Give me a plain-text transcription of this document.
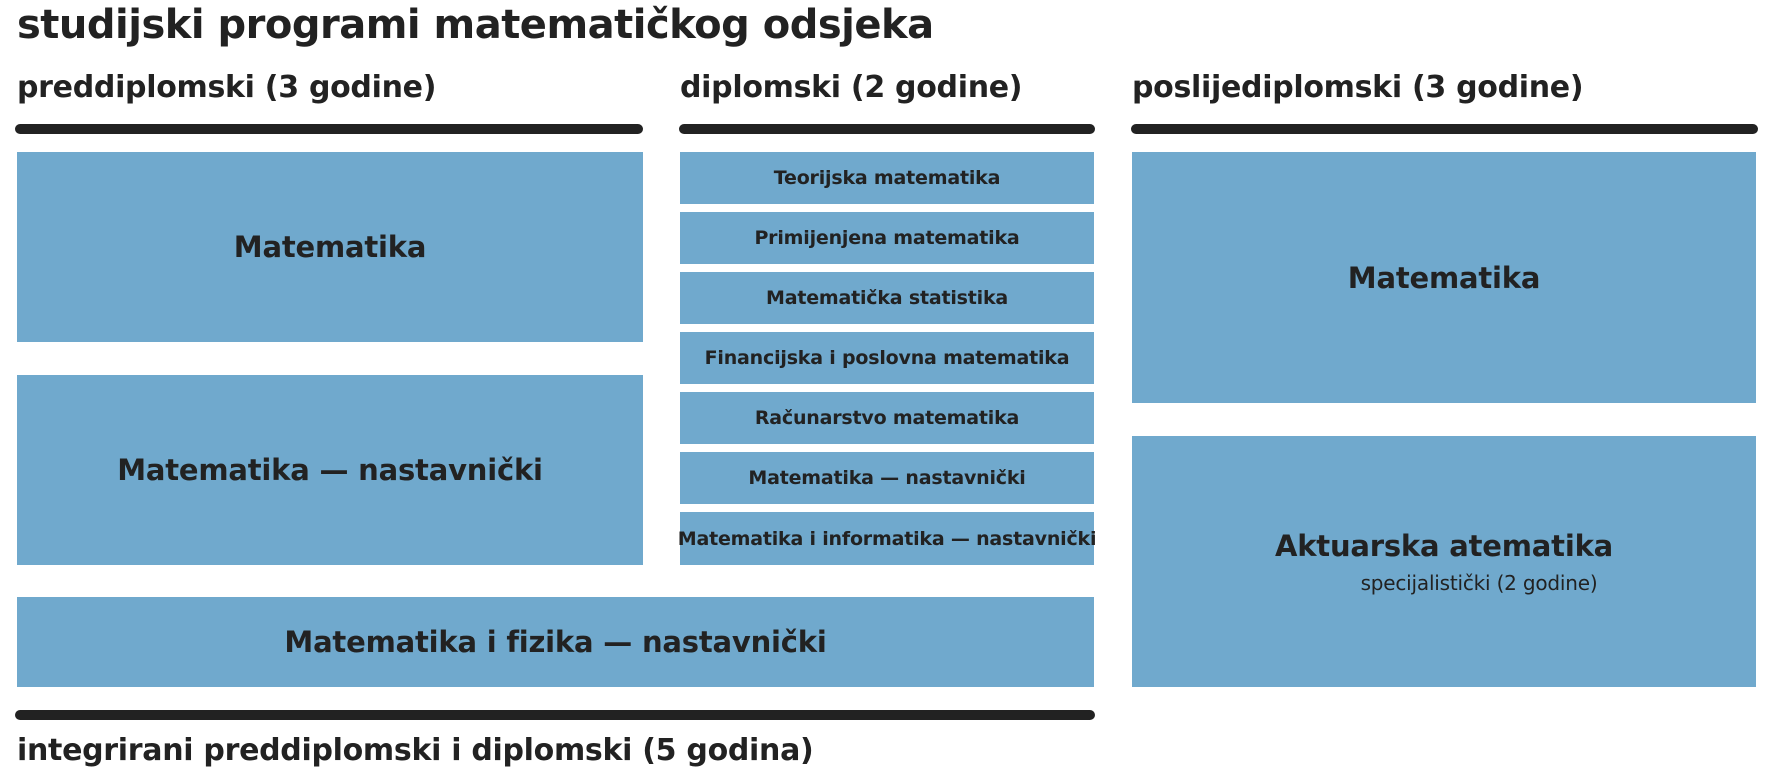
studijski programi matematičkog odsjeka
preddiplomski (3 godine)
Matematika
Matematika — nastavnički
diplomski (2 godine)
Teorijska matematika
Primijenjena matematika
Matematička statistika
Financijska i poslovna matematika
Računarstvo matematika
Matematika — nastavnički
Matematika i informatika — nastavnički
poslijediplomski (3 godine)
Matematika
Aktuarska atematika
specijalistički (2 godine)
Matematika i fizika — nastavnički
integrirani preddiplomski i diplomski (5 godina)
